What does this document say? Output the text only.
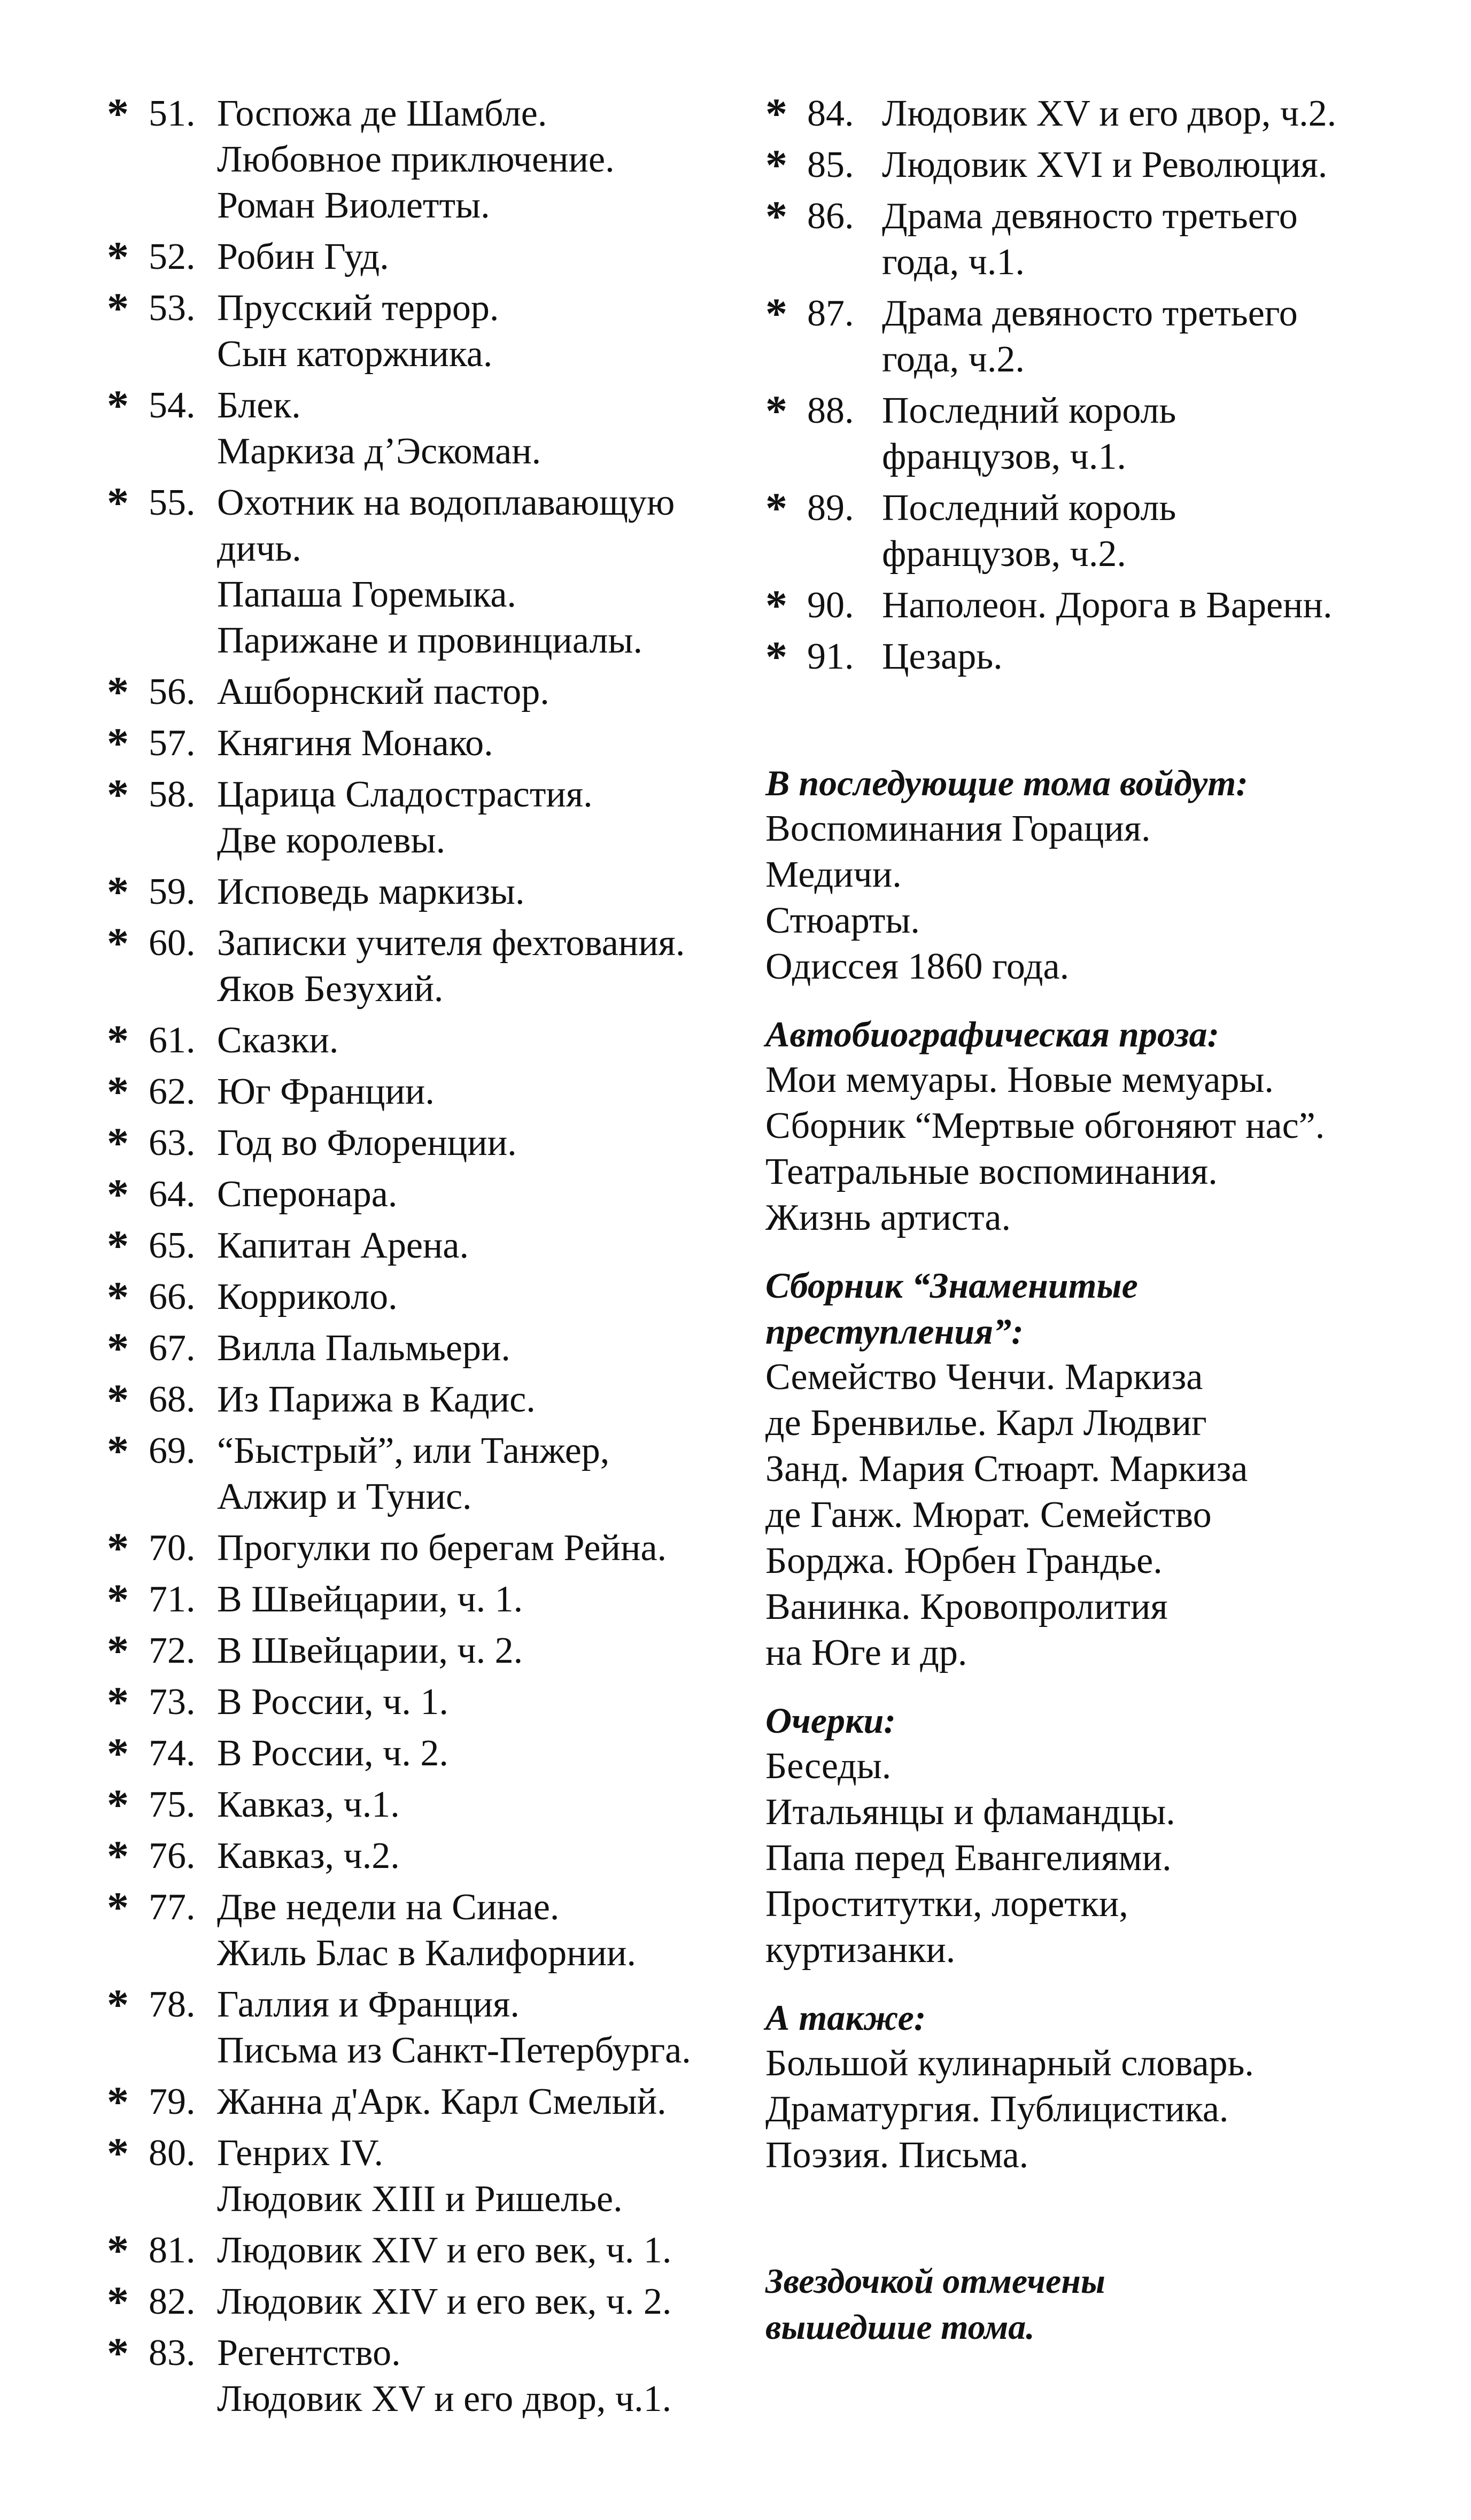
* 51. Госпожа де Шамбле.
Любовное приключение.
Роман Виолетты.
* 52. Робин Гуд.
* 53. Прусский террор.
Сын каторжника.
* 54. Блек.
Маркиза д’Эскоман.
* 55. Охотник на водоплавающую
дичь.
Папаша Горемыка.
Парижане и провинциалы.
* 56. Ашборнский пастор.
* 57. Княгиня Монако.
* 58. Царица Сладострастия.
Две королевы.
* 59. Исповедь маркизы.
* 60. Записки учителя фехтования.
Яков Безухий.
* 61. Сказки.
* 62. Юг Франции.
* 63. Год во Флоренции.
* 64. Сперонара.
* 65. Капитан Арена.
* 66. Корриколо.
* 67. Вилла Пальмьери.
* 68. Из Парижа в Кадис.
* 69. “Быстрый”, или Танжер,
Алжир и Тунис.
* 70. Прогулки по берегам Рейна.
* 71. В Швейцарии, ч. 1.
* 72. В Швейцарии, ч. 2.
* 73. В России, ч. 1.
* 74. В России, ч. 2.
* 75. Кавказ, ч.1.
* 76. Кавказ, ч.2.
* 77. Две недели на Синае.
Жиль Блас в Калифорнии.
* 78. Галлия и Франция.
Письма из Санкт-Петербурга.
* 79. Жанна д'Арк. Карл Смелый.
* 80. Генрих IV.
Людовик XIII и Ришелье.
* 81. Людовик XIV и его век, ч. 1.
* 82. Людовик XIV и его век, ч. 2.
* 83. Регентство.
Людовик XV и его двор, ч.1.
* 84. Людовик XV и его двор, ч.2.
* 85. Людовик XVI и Революция.
* 86. Драма девяносто третьего
года, ч.1.
* 87. Драма девяносто третьего
года, ч.2.
* 88. Последний король
французов, ч.1.
* 89. Последний король
французов, ч.2.
* 90. Наполеон. Дорога в Варенн.
* 91. Цезарь.
В последующие тома войдут:
Воспоминания Горация.
Медичи.
Стюарты.
Одиссея 1860 года.
Автобиографическая проза:
Мои мемуары. Новые мемуары.
Сборник “Мертвые обгоняют нас”.
Театральные воспоминания.
Жизнь артиста.
Сборник “Знаменитые
преступления”:
Семейство Ченчи. Маркиза
де Бренвилье. Карл Людвиг
Занд. Мария Стюарт. Маркиза
де Ганж. Мюрат. Семейство
Борджа. Юрбен Грандье.
Ванинка. Кровопролития
на Юге и др.
Очерки:
Беседы.
Итальянцы и фламандцы.
Папа перед Евангелиями.
Проститутки, лоретки,
куртизанки.
А также:
Большой кулинарный словарь.
Драматургия. Публицистика.
Поэзия. Письма.
Звездочкой отмечены
вышедшие тома.
